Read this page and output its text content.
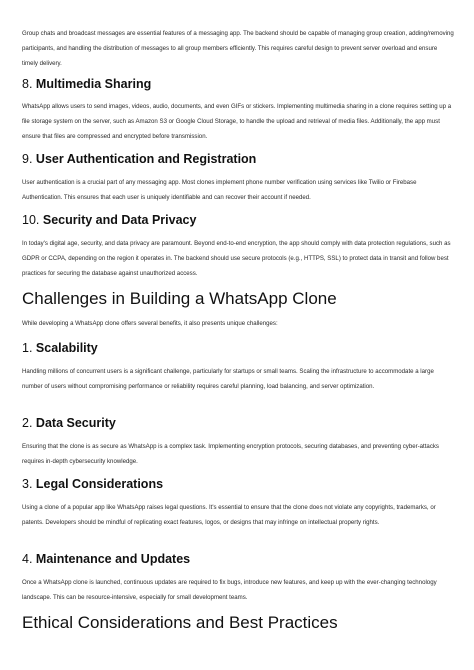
Group chats and broadcast messages are essential features of a messaging app. The backend should be capable of managing group creation, adding/removing participants, and handling the distribution of messages to all group members efficiently. This requires careful design to prevent server overload and ensure timely delivery.

8. Multimedia Sharing

WhatsApp allows users to send images, videos, audio, documents, and even GIFs or stickers. Implementing multimedia sharing in a clone requires setting up a file storage system on the server, such as Amazon S3 or Google Cloud Storage, to handle the upload and retrieval of media files. Additionally, the app must ensure that files are compressed and encrypted before transmission.

9. User Authentication and Registration

User authentication is a crucial part of any messaging app. Most clones implement phone number verification using services like Twilio or Firebase Authentication. This ensures that each user is uniquely identifiable and can recover their account if needed.

10. Security and Data Privacy

In today's digital age, security, and data privacy are paramount. Beyond end-to-end encryption, the app should comply with data protection regulations, such as GDPR or CCPA, depending on the region it operates in. The backend should use secure protocols (e.g., HTTPS, SSL) to protect data in transit and follow best practices for securing the database against unauthorized access.

Challenges in Building a WhatsApp Clone

While developing a WhatsApp clone offers several benefits, it also presents unique challenges:

1. Scalability

Handling millions of concurrent users is a significant challenge, particularly for startups or small teams. Scaling the infrastructure to accommodate a large number of users without compromising performance or reliability requires careful planning, load balancing, and server optimization.

2. Data Security

Ensuring that the clone is as secure as WhatsApp is a complex task. Implementing encryption protocols, securing databases, and preventing cyber-attacks requires in-depth cybersecurity knowledge.

3. Legal Considerations

Using a clone of a popular app like WhatsApp raises legal questions. It's essential to ensure that the clone does not violate any copyrights, trademarks, or patents. Developers should be mindful of replicating exact features, logos, or designs that may infringe on intellectual property rights.

4. Maintenance and Updates

Once a WhatsApp clone is launched, continuous updates are required to fix bugs, introduce new features, and keep up with the ever-changing technology landscape. This can be resource-intensive, especially for small development teams.

Ethical Considerations and Best Practices
